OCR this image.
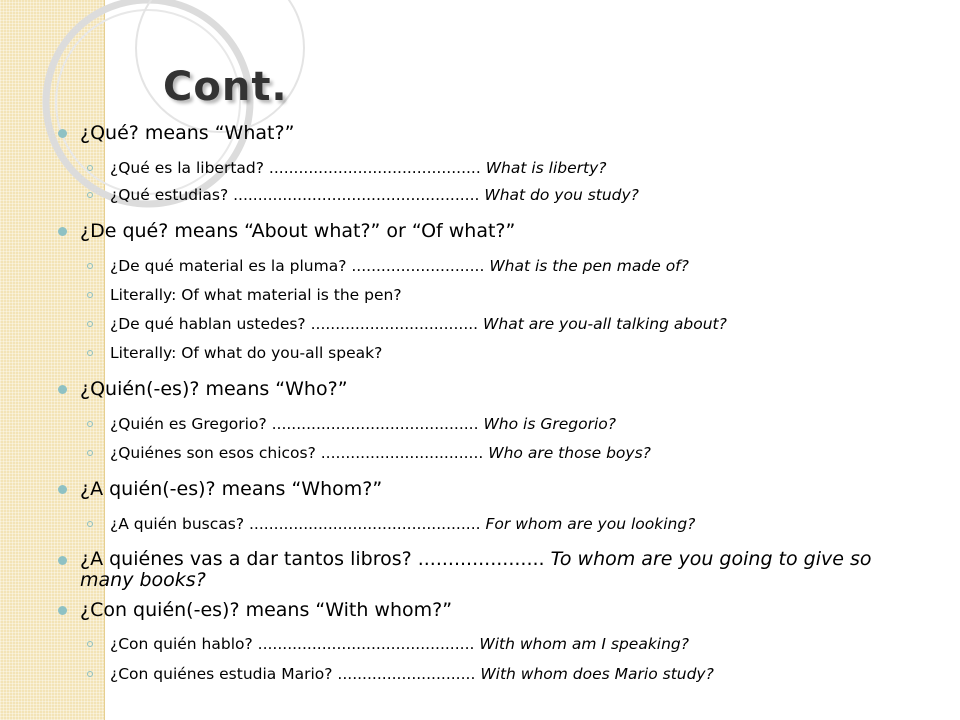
Cont.
¿Qué? means “What?”
¿Qué es la libertad? ........................................... What is liberty?
¿Qué estudias? .................................................. What do you study?
¿De qué? means “About what?” or “Of what?”
¿De qué material es la pluma? ........................... What is the pen made of?
Literally: Of what material is the pen?
¿De qué hablan ustedes? .................................. What are you-all talking about?
Literally: Of what do you-all speak?
¿Quién(-es)? means “Who?”
¿Quién es Gregorio? .......................................... Who is Gregorio?
¿Quiénes son esos chicos? ................................. Who are those boys?
¿A quién(-es)? means “Whom?”
¿A quién buscas? ............................................... For whom are you looking?
¿A quiénes vas a dar tantos libros? ..................... To whom are you going to give so many books?
¿Con quién(-es)? means “With whom?”
¿Con quién hablo? ............................................ With whom am I speaking?
¿Con quiénes estudia Mario? ............................ With whom does Mario study?
